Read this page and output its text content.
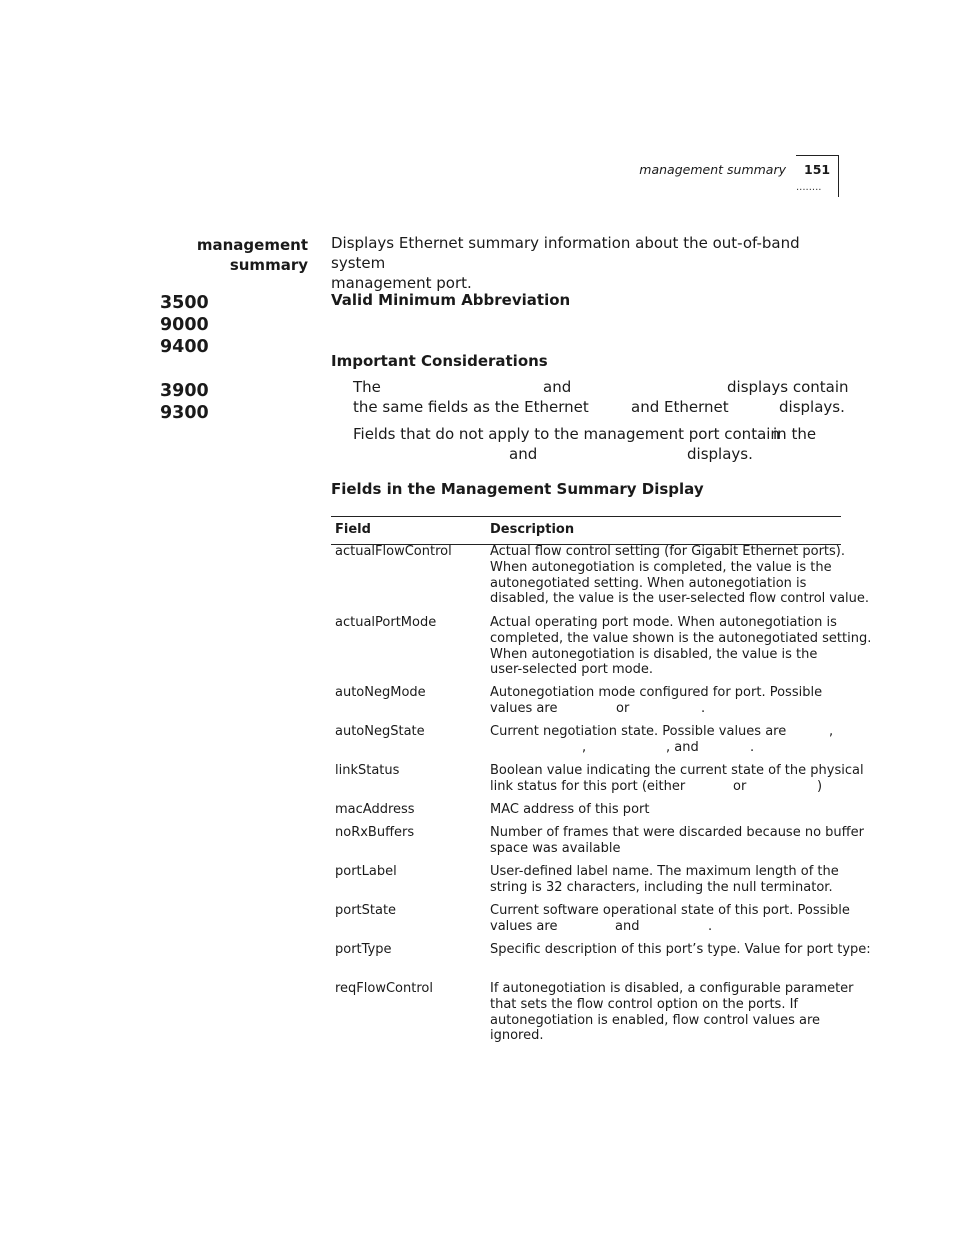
management summary 151
........
management
summary
3500
9000
9400
3900
9300
Displays Ethernet summary information about the out-of-band system
management port.
Valid Minimum Abbreviation
Important Considerations
Fields in the Management Summary Display
The	and	displays contain
the same fields as the Ethernet	and Ethernet	displays.
Fields that do not apply to the management port contain
in the
and	displays.
Field	Description
actualFlowControl	Actual flow control setting (for Gigabit Ethernet ports).
When autonegotiation is completed, the value is the
autonegotiated setting. When autonegotiation is
disabled, the value is the user-selected flow control value.
actualPortMode	Actual operating port mode. When autonegotiation is
completed, the value shown is the autonegotiated setting.
When autonegotiation is disabled, the value is the
user-selected port mode.
autoNegMode	Autonegotiation mode configured for port. Possible
values are	or	.
autoNegState	Current negotiation state. Possible values are	,
,	, and	.
linkStatus	Boolean value indicating the current state of the physical
link status for this port (either	or	)
macAddress	MAC address of this port
noRxBuffers	Number of frames that were discarded because no buffer
space was available
portLabel	User-defined label name. The maximum length of the
string is 32 characters, including the null terminator.
portState	Current software operational state of this port. Possible
values are	and	.
portType	Specific description of this port’s type. Value for port type:
reqFlowControl	If autonegotiation is disabled, a configurable parameter
that sets the flow control option on the ports. If
autonegotiation is enabled, flow control values are
ignored.
